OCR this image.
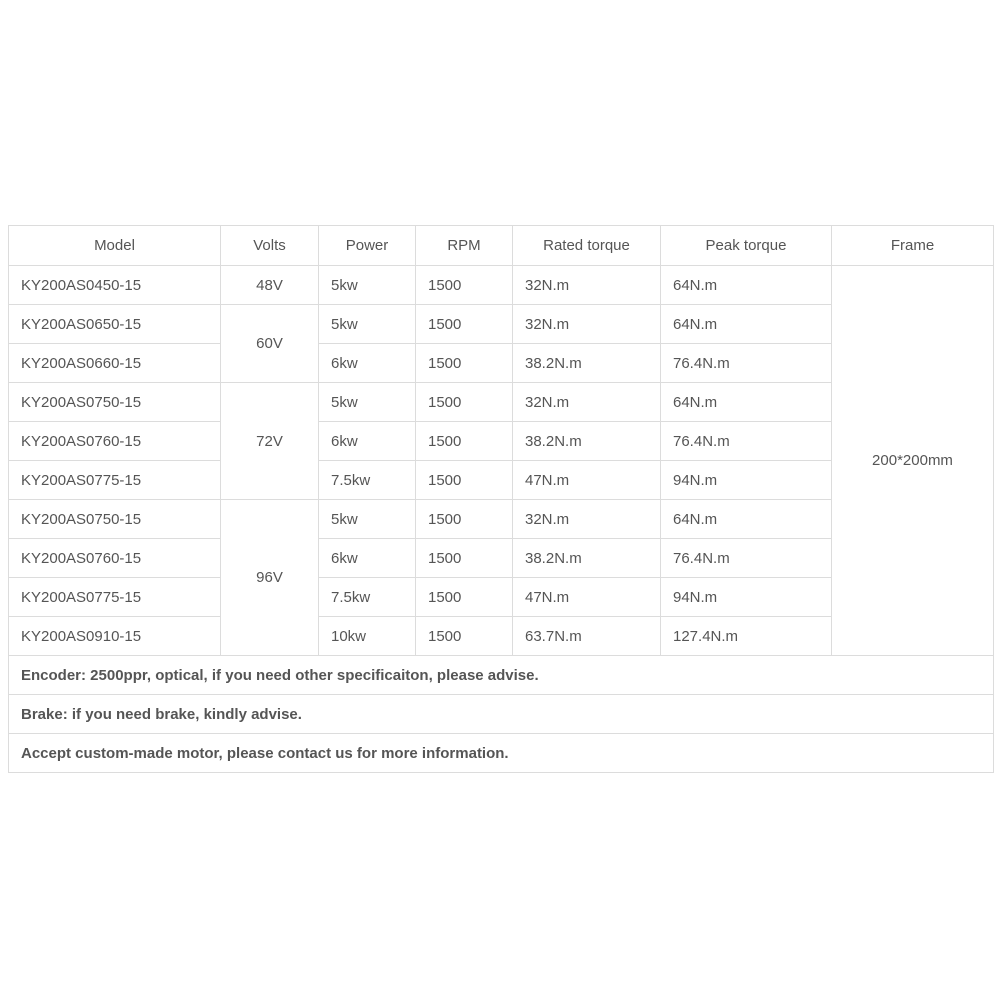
Model	Volts	Power	RPM	Rated torque	Peak torque	Frame
KY200AS0450-15	48V	5kw	1500	32N.m	64N.m	200*200mm
KY200AS0650-15	60V	5kw	1500	32N.m	64N.m	
KY200AS0660-15		6kw	1500	38.2N.m	76.4N.m	
KY200AS0750-15	72V	5kw	1500	32N.m	64N.m	
KY200AS0760-15		6kw	1500	38.2N.m	76.4N.m	
KY200AS0775-15		7.5kw	1500	47N.m	94N.m	
KY200AS0750-15	96V	5kw	1500	32N.m	64N.m	
KY200AS0760-15		6kw	1500	38.2N.m	76.4N.m	
KY200AS0775-15		7.5kw	1500	47N.m	94N.m	
KY200AS0910-15		10kw	1500	63.7N.m	127.4N.m	
Encoder: 2500ppr, optical, if you need other specificaiton, please advise.						
Brake: if you need brake, kindly advise.						
Accept custom-made motor, please contact us for more information.						
